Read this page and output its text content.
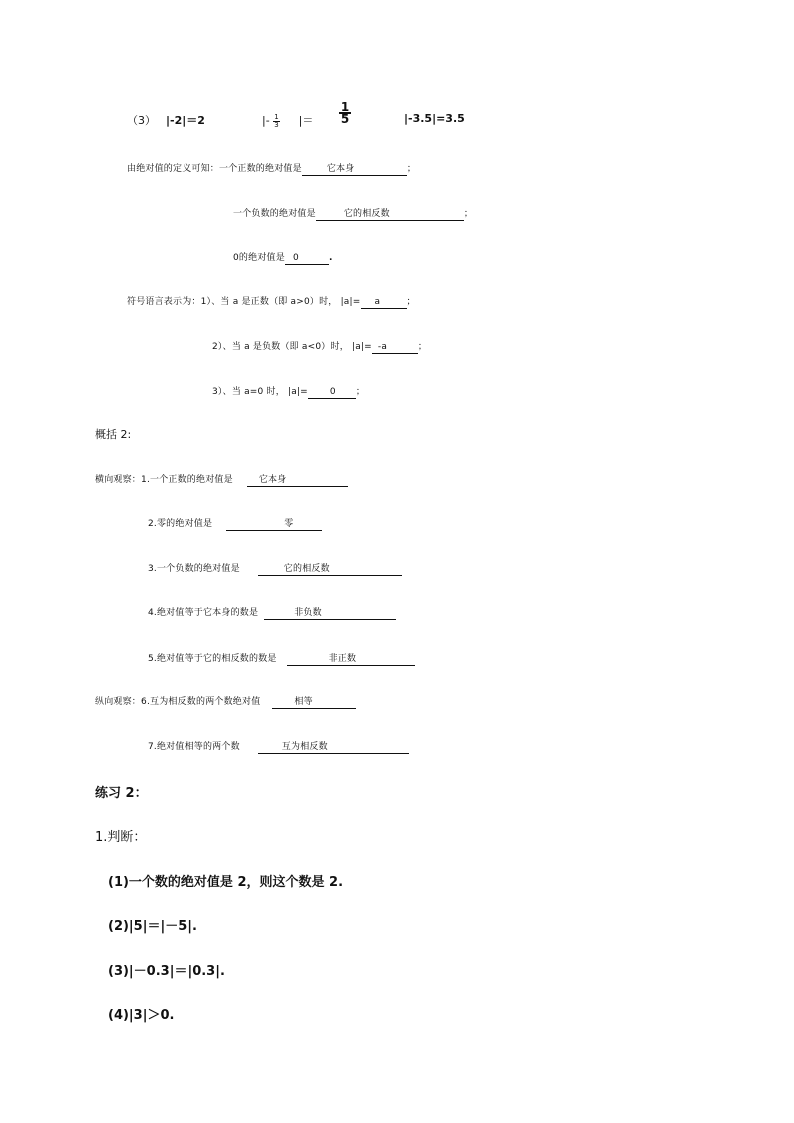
（3） |-2|＝2	|- $\frac{1}{3}$ |＝ $\frac{1}{5}$	|-3.5|=3.5
由绝对值的定义可知：一个正数的绝对值是	它本身	；
一个负数的绝对值是	它的相反数	；
0的绝对值是 0	.
符号语言表示为：1）、当 a 是正数（即 a>0）时， |a|= a	；
2）、当 a 是负数（即 a<0）时， |a|= -a	；
3）、当 a=0 时， |a|= 0 ；
概括 2:
横向观察：1.一个正数的绝对值是	它本身
2.零的绝对值是	零
3.一个负数的绝对值是	它的相反数
4.绝对值等于它本身的数是	非负数
5.绝对值等于它的相反数的数是	非正数
纵向观察：6.互为相反数的两个数绝对值	相等
7.绝对值相等的两个数	互为相反数
练习 2：
1.判断：
(1)一个数的绝对值是 2，则这个数是 2.
(2)|5|＝|－5|.
(3)|－0.3|＝|0.3|.
(4)|3|＞0.
